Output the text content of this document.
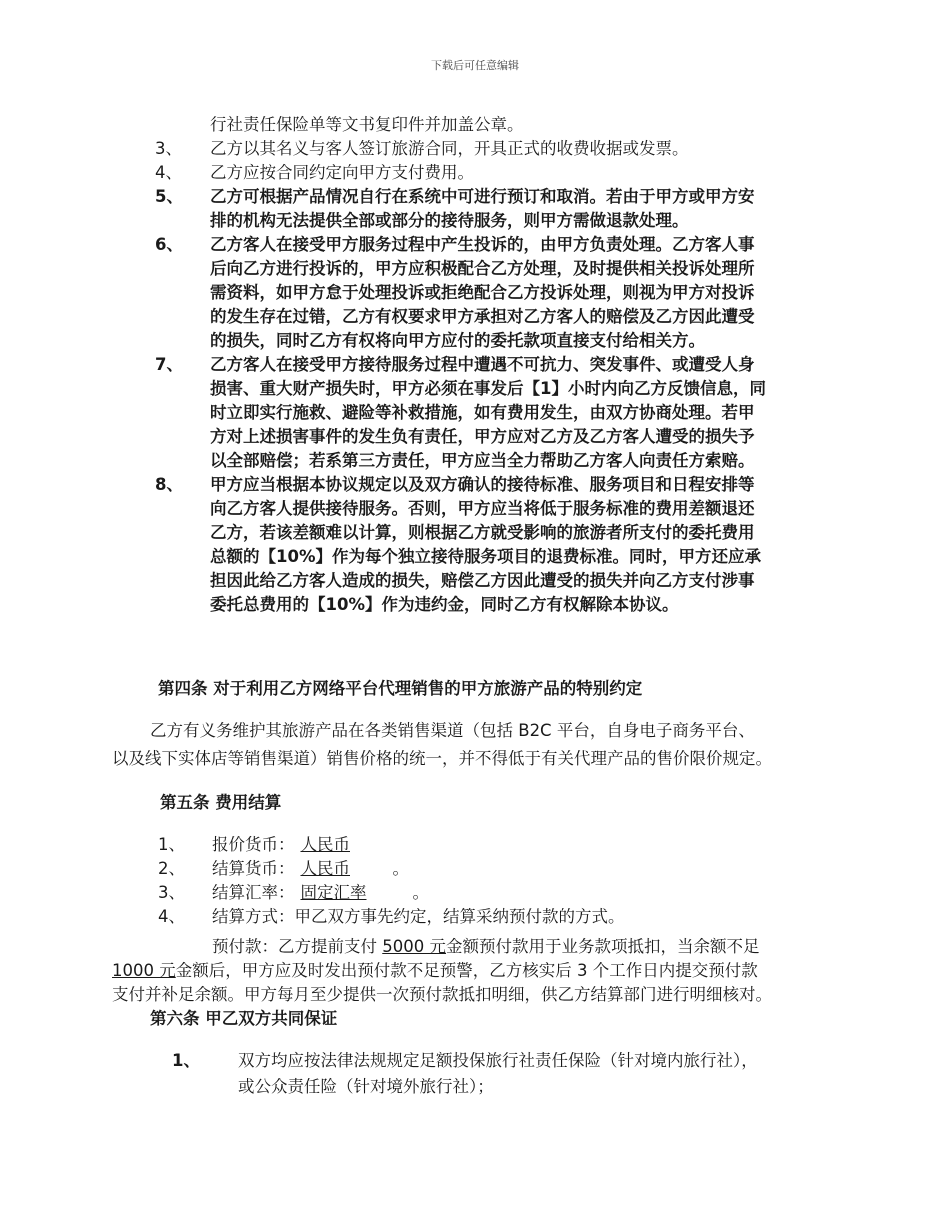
下载后可任意编辑
行社责任保险单等文书复印件并加盖公章。
3、 乙方以其名义与客人签订旅游合同，开具正式的收费收据或发票。
4、 乙方应按合同约定向甲方支付费用。
5、 乙方可根据产品情况自行在系统中可进行预订和取消。若由于甲方或甲方安
排的机构无法提供全部或部分的接待服务，则甲方需做退款处理。
6、 乙方客人在接受甲方服务过程中产生投诉的，由甲方负责处理。乙方客人事
后向乙方进行投诉的，甲方应积极配合乙方处理，及时提供相关投诉处理所
需资料，如甲方怠于处理投诉或拒绝配合乙方投诉处理，则视为甲方对投诉
的发生存在过错，乙方有权要求甲方承担对乙方客人的赔偿及乙方因此遭受
的损失，同时乙方有权将向甲方应付的委托款项直接支付给相关方。
7、 乙方客人在接受甲方接待服务过程中遭遇不可抗力、突发事件、或遭受人身
损害、重大财产损失时，甲方必须在事发后【1】小时内向乙方反馈信息，同
时立即实行施救、避险等补救措施，如有费用发生，由双方协商处理。若甲
方对上述损害事件的发生负有责任，甲方应对乙方及乙方客人遭受的损失予
以全部赔偿；若系第三方责任，甲方应当全力帮助乙方客人向责任方索赔。
8、 甲方应当根据本协议规定以及双方确认的接待标准、服务项目和日程安排等
向乙方客人提供接待服务。否则，甲方应当将低于服务标准的费用差额退还
乙方，若该差额难以计算，则根据乙方就受影响的旅游者所支付的委托费用
总额的【10%】作为每个独立接待服务项目的退费标准。同时，甲方还应承
担因此给乙方客人造成的损失，赔偿乙方因此遭受的损失并向乙方支付涉事
委托总费用的【10%】作为违约金，同时乙方有权解除本协议。
第四条 对于利用乙方网络平台代理销售的甲方旅游产品的特别约定
乙方有义务维护其旅游产品在各类销售渠道（包括 B2C 平台，自身电子商务平台、
以及线下实体店等销售渠道）销售价格的统一，并不得低于有关代理产品的售价限价规定。
第五条 费用结算
1、 报价货币： 人民币
2、 结算货币： 人民币	。
3、 结算汇率： 固定汇率	。
4、 结算方式：甲乙双方事先约定，结算采纳预付款的方式。
预付款：乙方提前支付 5000 元金额预付款用于业务款项抵扣，当余额不足
1000 元金额后，甲方应及时发出预付款不足预警，乙方核实后 3 个工作日内提交预付款
支付并补足余额。甲方每月至少提供一次预付款抵扣明细，供乙方结算部门进行明细核对。
第六条 甲乙双方共同保证
1、 双方均应按法律法规规定足额投保旅行社责任保险（针对境内旅行社），
或公众责任险（针对境外旅行社）；
